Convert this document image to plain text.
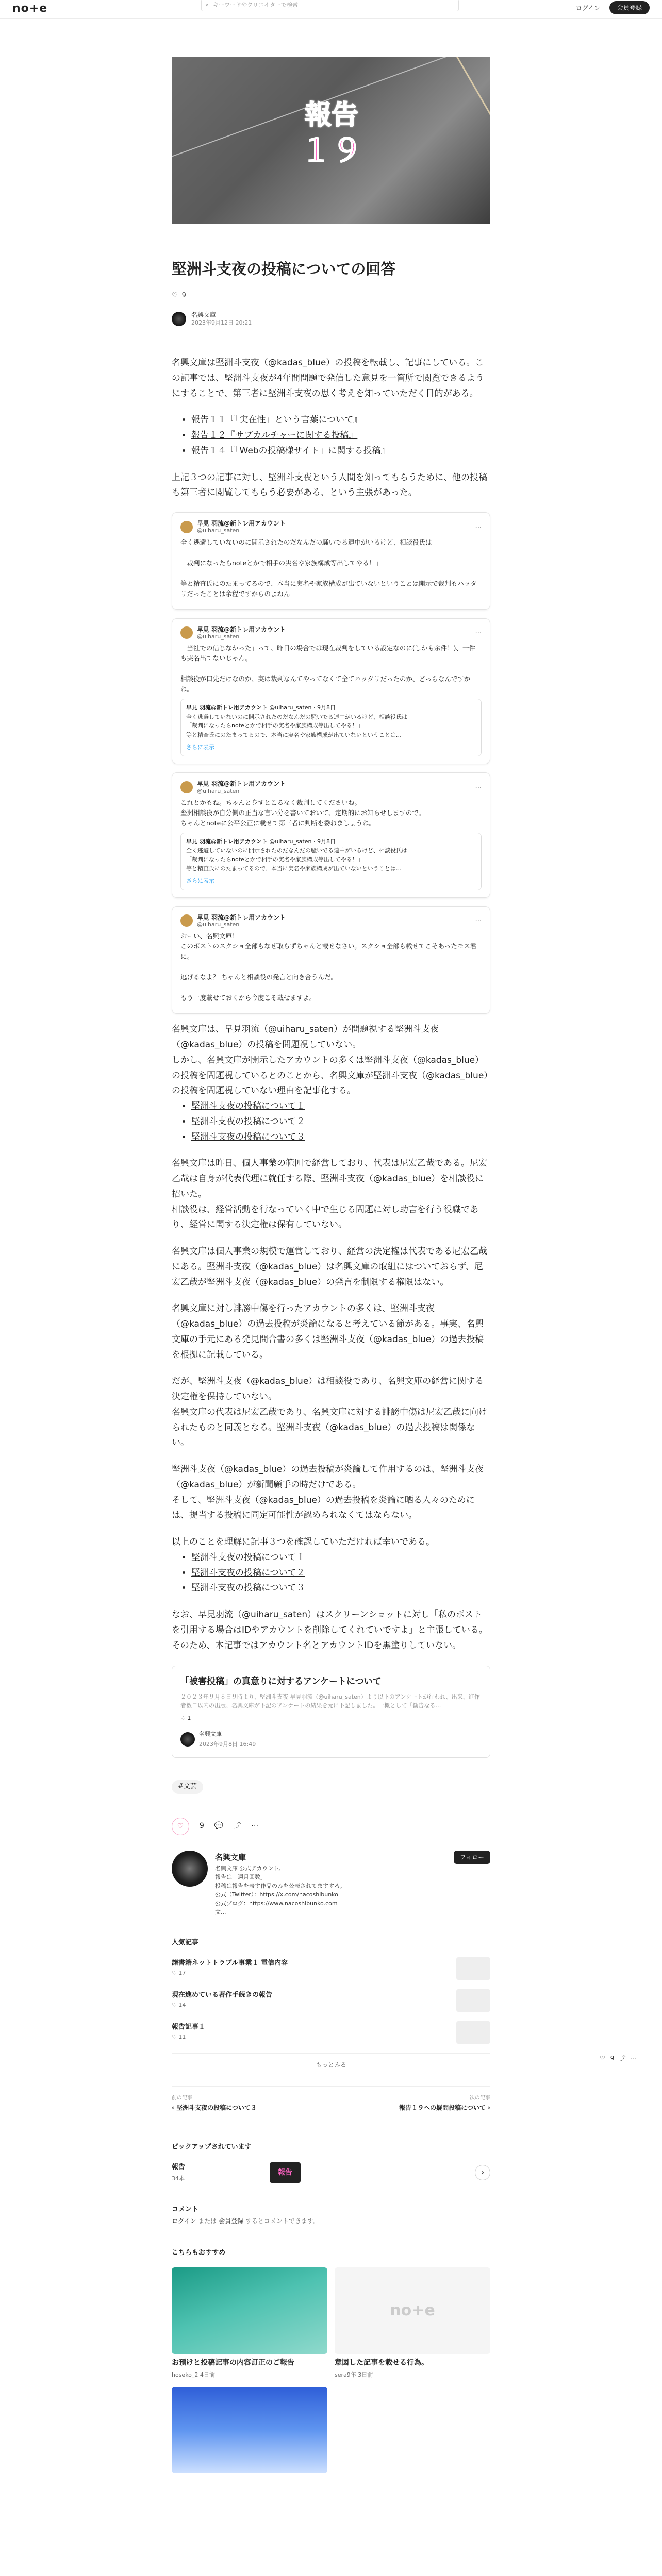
no+e	⌕ キーワードやクリエイターで検索	ログイン	会員登録
報告
１９
堅洲斗支夜の投稿についての回答
♡ 9
名興文庫
2023年9月12日 20:21

名興文庫は堅洲斗支夜（@kadas_blue）の投稿を転載し、記事にしている。この記事では、堅洲斗支夜が4年間問題で発信した意見を一箇所で閲覧できるようにすることで、第三者に堅洲斗支夜の思く考えを知っていただく目的がある。

• 報告１１『「実在性」という言葉について』
• 報告１２『サブカルチャーに関する投稿』
• 報告１４『「Webの投稿様サイト」に関する投稿』

上記３つの記事に対し、堅洲斗支夜という人間を知ってもらうために、他の投稿も第三者に閲覧してもらう必要がある、という主張があった。

早見 羽流@新トレ用アカウント
@uiharu_saten
⋯
全く逃避していないのに開示されたのだなんだの騒いでる連中がいるけど、相談役氏は

「裁判になったらnoteとかで相手の実名や家族構成等出してやる！」

等と精査氏にのたまってるので、本当に実名や家族構成が出ていないということは開示で裁判もハッタリだったことは余程ですからのよねん
早見 羽流@新トレ用アカウント
@uiharu_saten
⋯
「当社での信じなかった」って、昨日の場合では現在裁判をしている設定なのに(しかも余件！)、一件も実名出てないじゃん。

相談役が口先だけなのか、実は裁判なんてやってなくて全てハッタリだったのか、どっちなんですかね。
早見 羽流@新トレ用アカウント @uiharu_saten · 9月8日
全く逃避していないのに開示されたのだなんだの騒いでる連中がいるけど、相談役氏は
「裁判になったらnoteとかで相手の実名や家族構成等出してやる！」
等と精査氏にのたまってるので、本当に実名や家族構成が出ていないということは…
さらに表示
早見 羽流@新トレ用アカウント
@uiharu_saten
⋯
これとかもね。ちゃんと身すとこるなく裁判してくださいね。
堅洲相談役が自分側の正当な言い分を書いておいて、定期的にお知らせしますので。
ちゃんとnoteに公平公正に載せて第三者に判断を委ねましょうね。
早見 羽流@新トレ用アカウント @uiharu_saten · 9月8日
全く逃避していないのに開示されたのだなんだの騒いでる連中がいるけど、相談役氏は
「裁判になったらnoteとかで相手の実名や家族構成等出してやる！」
等と精査氏にのたまってるので、本当に実名や家族構成が出ていないということは…
さらに表示
早見 羽流@新トレ用アカウント
@uiharu_saten
⋯
おーい、名興文庫！
このポストのスクショ全部もなぜ取らずちゃんと載せなさい。スクショ全部も載せてこそあったモス君に。

逃げるなよ？ ちゃんと相談役の発言と向き合うんだ。

もう一度載せておくから今度こそ載せますよ。

名興文庫は、早見羽流（@uiharu_saten）が問題視する堅洲斗支夜（@kadas_blue）の投稿を問題視していない。
しかし、名興文庫が開示したアカウントの多くは堅洲斗支夜（@kadas_blue）の投稿を問題視しているとのことから、名興文庫が堅洲斗支夜（@kadas_blue）の投稿を問題視していない理由を記事化する。

• 堅洲斗支夜の投稿について１
• 堅洲斗支夜の投稿について２
• 堅洲斗支夜の投稿について３

名興文庫は昨日、個人事業の範囲で経営しており、代表は尼宏乙哉である。尼宏乙哉は自身が代表代理に就任する際、堅洲斗支夜（@kadas_blue）を相談役に招いた。
相談役は、経営活動を行なっていく中で生じる問題に対し助言を行う役職であり、経営に関する決定権は保有していない。

名興文庫は個人事業の規模で運営しており、経営の決定権は代表である尼宏乙哉にある。堅洲斗支夜（@kadas_blue）は名興文庫の取組にはついておらず、尼宏乙哉が堅洲斗支夜（@kadas_blue）の発言を制限する権限はない。

名興文庫に対し誹謗中傷を行ったアカウントの多くは、堅洲斗支夜（@kadas_blue）の過去投稿が炎論になると考えている節がある。事実、名興文庫の手元にある発見問合書の多くは堅洲斗支夜（@kadas_blue）の過去投稿を根拠に記載している。

だが、堅洲斗支夜（@kadas_blue）は相談役であり、名興文庫の経営に関する決定権を保持していない。
名興文庫の代表は尼宏乙哉であり、名興文庫に対する誹謗中傷は尼宏乙哉に向けられたものと同義となる。堅洲斗支夜（@kadas_blue）の過去投稿は関係ない。

堅洲斗支夜（@kadas_blue）の過去投稿が炎論して作用するのは、堅洲斗支夜（@kadas_blue）が新聞顧手の時だけである。
そして、堅洲斗支夜（@kadas_blue）の過去投稿を炎論に晒る人々のためには、提当する投稿に同定可能性が認められなくてはならない。

以上のことを理解に記事３つを確認していただければ幸いである。

• 堅洲斗支夜の投稿について１
• 堅洲斗支夜の投稿について２
• 堅洲斗支夜の投稿について３

なお、早見羽流（@uiharu_saten）はスクリーンショットに対し「私のポストを引用する場合はIDやアカウントを削除してくれていですよ」と主張している。そのため、本記事ではアカウント名とアカウントIDを黒塗りしていない。

「被害投稿」の真意りに対するアンケートについて
２０２３年９月８日９時より、堅洲斗支夜 早見羽流（@uiharu_saten）より以下のアンケートが行われ、出来、進作者数日以内の出版、名興文庫が下記のアンケートの結果を元に下記しました。一概として「勧告なる…
♡ 1
名興文庫
2023年9月8日 16:49
#文芸
♡	9 💬 ⤴ ⋯
名興文庫
名興文庫 公式アカウント。
報告は「週月回数」
投稿は報告を表す作品のみを公表されてますすろ。
公式（Twitter）：https://x.com/nacoshibunko
公式ブログ：https://www.nacoshibunko.com
文...
フォロー
人気記事
諸書籍ネットトラブル事業１ 電信内容
♡ 17
現在進めている著作手続きの報告
♡ 14
報告記事１
♡ 11
もっとみる
前の記事
‹ 堅洲斗支夜の投稿について３
次の記事
報告１９への疑問投稿について ›
ピックアップされています
報告
34本
報告	›
コメント
ログイン または 会員登録 するとコメントできます。
こちらもおすすめ
お預けと投稿記事の内容訂正のご報告
hoseko_2 4日前
no+e
意図した記事を載せる行為。
sera9年 3日前
♡ 9 ⤴ ⋯
